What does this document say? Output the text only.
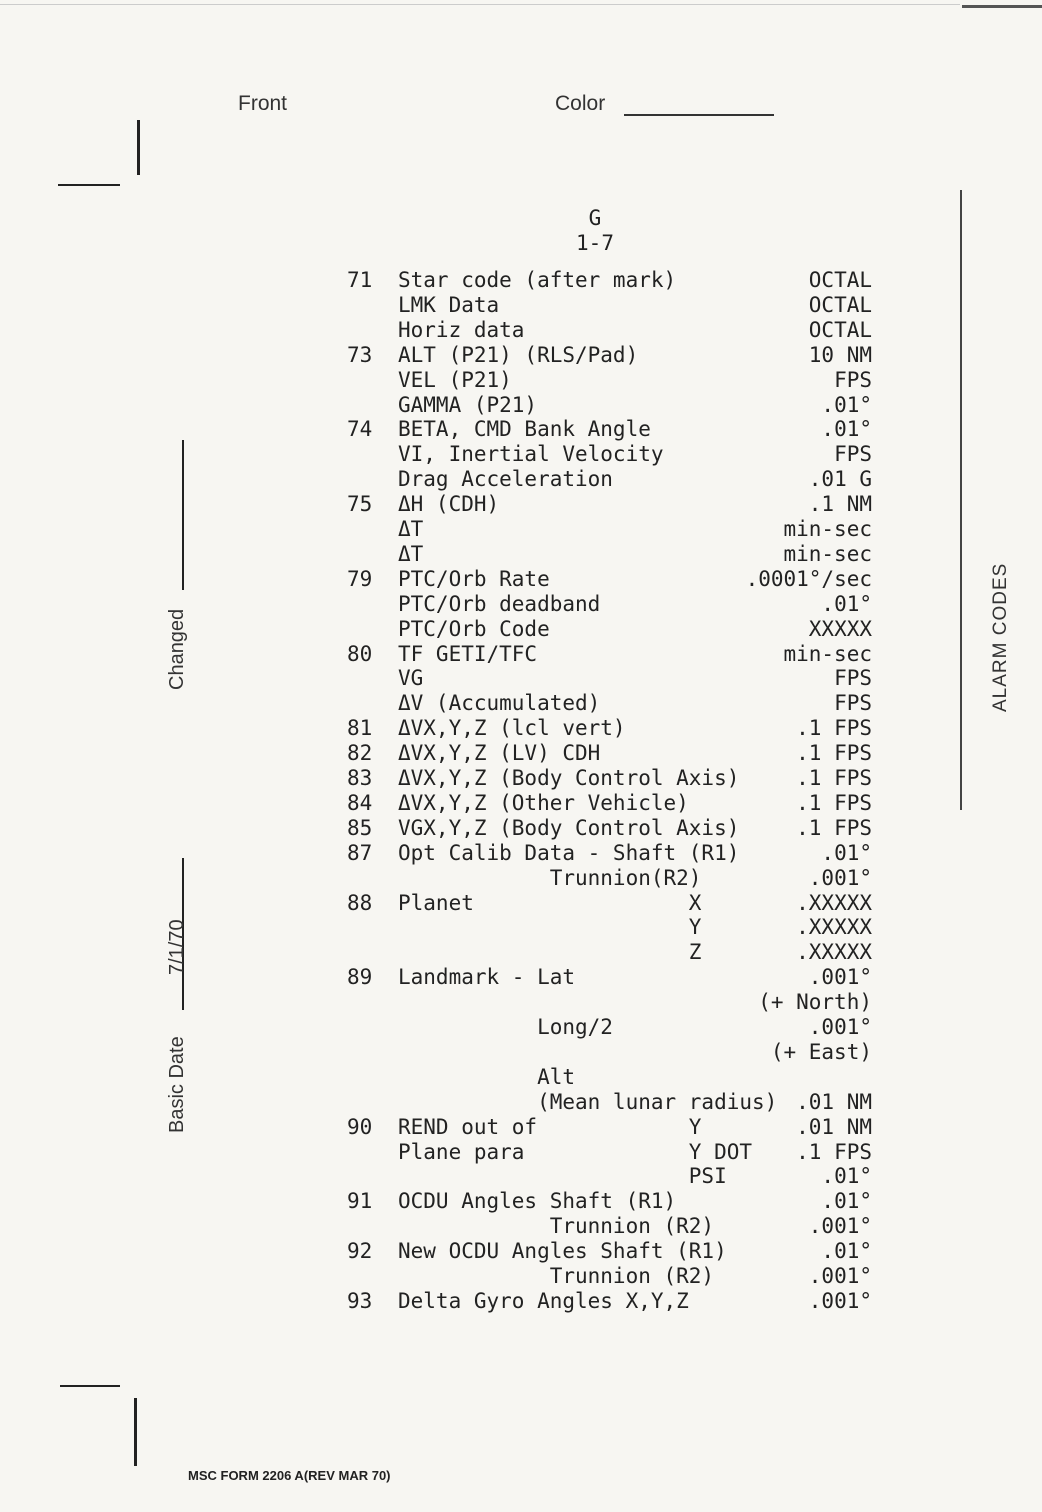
Front	Color
Changed
7/1/70
Basic Date
ALARM CODES
G
1-7
71 Star code (after mark)	OCTAL
LMK Data	OCTAL
Horiz data	OCTAL
73 ALT (P21) (RLS/Pad)	10 NM
VEL (P21)	FPS
GAMMA (P21)	.01°
74 BETA, CMD Bank Angle	.01°
VI, Inertial Velocity	FPS
Drag Acceleration	.01 G
75 ΔH (CDH)	.1 NM
ΔT	min-sec
ΔT	min-sec
79 PTC/Orb Rate	.0001°/sec
PTC/Orb deadband	.01°
PTC/Orb Code	XXXXX
80 TF GETI/TFC	min-sec
VG	FPS
ΔV (Accumulated)	FPS
81 ΔVX,Y,Z (lcl vert)	.1 FPS
82 ΔVX,Y,Z (LV) CDH	.1 FPS
83 ΔVX,Y,Z (Body Control Axis)	.1 FPS
84 ΔVX,Y,Z (Other Vehicle)	.1 FPS
85 VGX,Y,Z (Body Control Axis)	.1 FPS
87 Opt Calib Data - Shaft (R1)	.01°
Trunnion(R2)	.001°
88 Planet                 X	.XXXXX
Y	.XXXXX
Z	.XXXXX
89 Landmark - Lat	.001°
(+ North)
Long/2	.001°
(+ East)
Alt
(Mean lunar radius) .01 NM
90 REND out of            Y	.01 NM
Plane para             Y DOT .1 FPS
PSI	.01°
91 OCDU Angles Shaft (R1)	.01°
Trunnion (R2)	.001°
92 New OCDU Angles Shaft (R1)	.01°
Trunnion (R2)	.001°
93 Delta Gyro Angles X,Y,Z	.001°
MSC FORM 2206 A(REV MAR 70)
